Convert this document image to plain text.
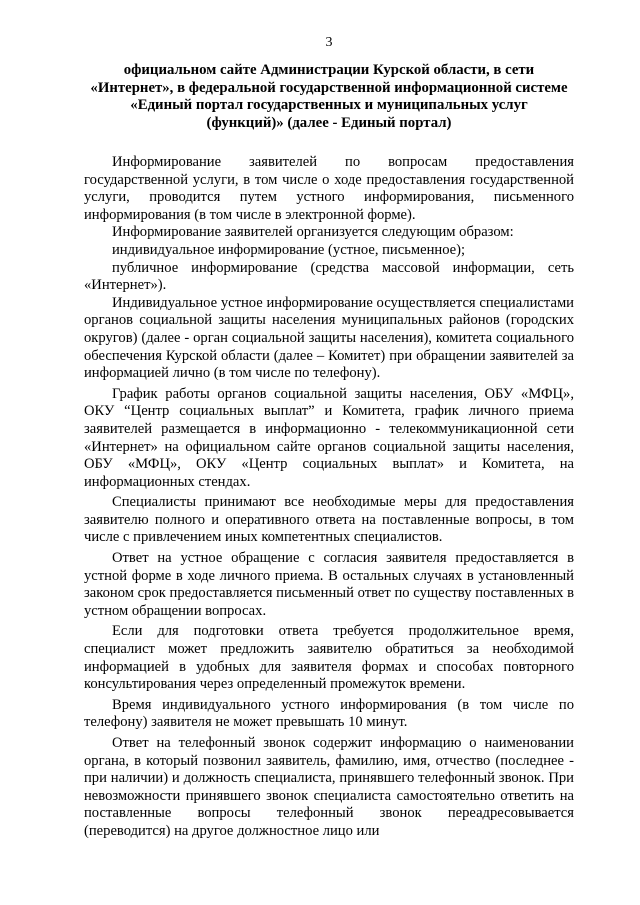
3
официальном сайте Администрации Курской области, в сети
«Интернет», в федеральной государственной информационной системе
«Единый портал государственных и муниципальных услуг
(функций)» (далее - Единый портал)

Информирование заявителей по вопросам предоставления государственной услуги, в том числе о ходе предоставления государственной услуги, проводится путем устного информирования, письменного информирования (в том числе в электронной форме).

Информирование заявителей организуется следующим образом:

индивидуальное информирование (устное, письменное);

публичное информирование (средства массовой информации, сеть «Интернет»).

Индивидуальное устное информирование осуществляется специалистами органов социальной защиты населения муниципальных районов (городских округов) (далее - орган социальной защиты населения), комитета социального обеспечения Курской области (далее – Комитет) при обращении заявителей за информацией лично (в том числе по телефону).

График работы органов социальной защиты населения, ОБУ «МФЦ», ОКУ “Центр социальных выплат” и Комитета, график личного приема заявителей размещается в информационно - телекоммуникационной сети «Интернет» на официальном сайте органов социальной защиты населения, ОБУ «МФЦ», ОКУ «Центр социальных выплат» и Комитета, на информационных стендах.

Специалисты принимают все необходимые меры для предоставления заявителю полного и оперативного ответа на поставленные вопросы, в том числе с привлечением иных компетентных специалистов.

Ответ на устное обращение с согласия заявителя предоставляется в устной форме в ходе личного приема. В остальных случаях в установленный законом срок предоставляется письменный ответ по существу поставленных в устном обращении вопросах.

Если для подготовки ответа требуется продолжительное время, специалист может предложить заявителю обратиться за необходимой информацией в удобных для заявителя формах и способах повторного консультирования через определенный промежуток времени.

Время индивидуального устного информирования (в том числе по телефону) заявителя не может превышать 10 минут.

Ответ на телефонный звонок содержит информацию о наименовании органа, в который позвонил заявитель, фамилию, имя, отчество (последнее - при наличии) и должность специалиста, принявшего телефонный звонок. При невозможности принявшего звонок специалиста самостоятельно ответить на поставленные вопросы телефонный звонок переадресовывается (переводится) на другое должностное лицо или
